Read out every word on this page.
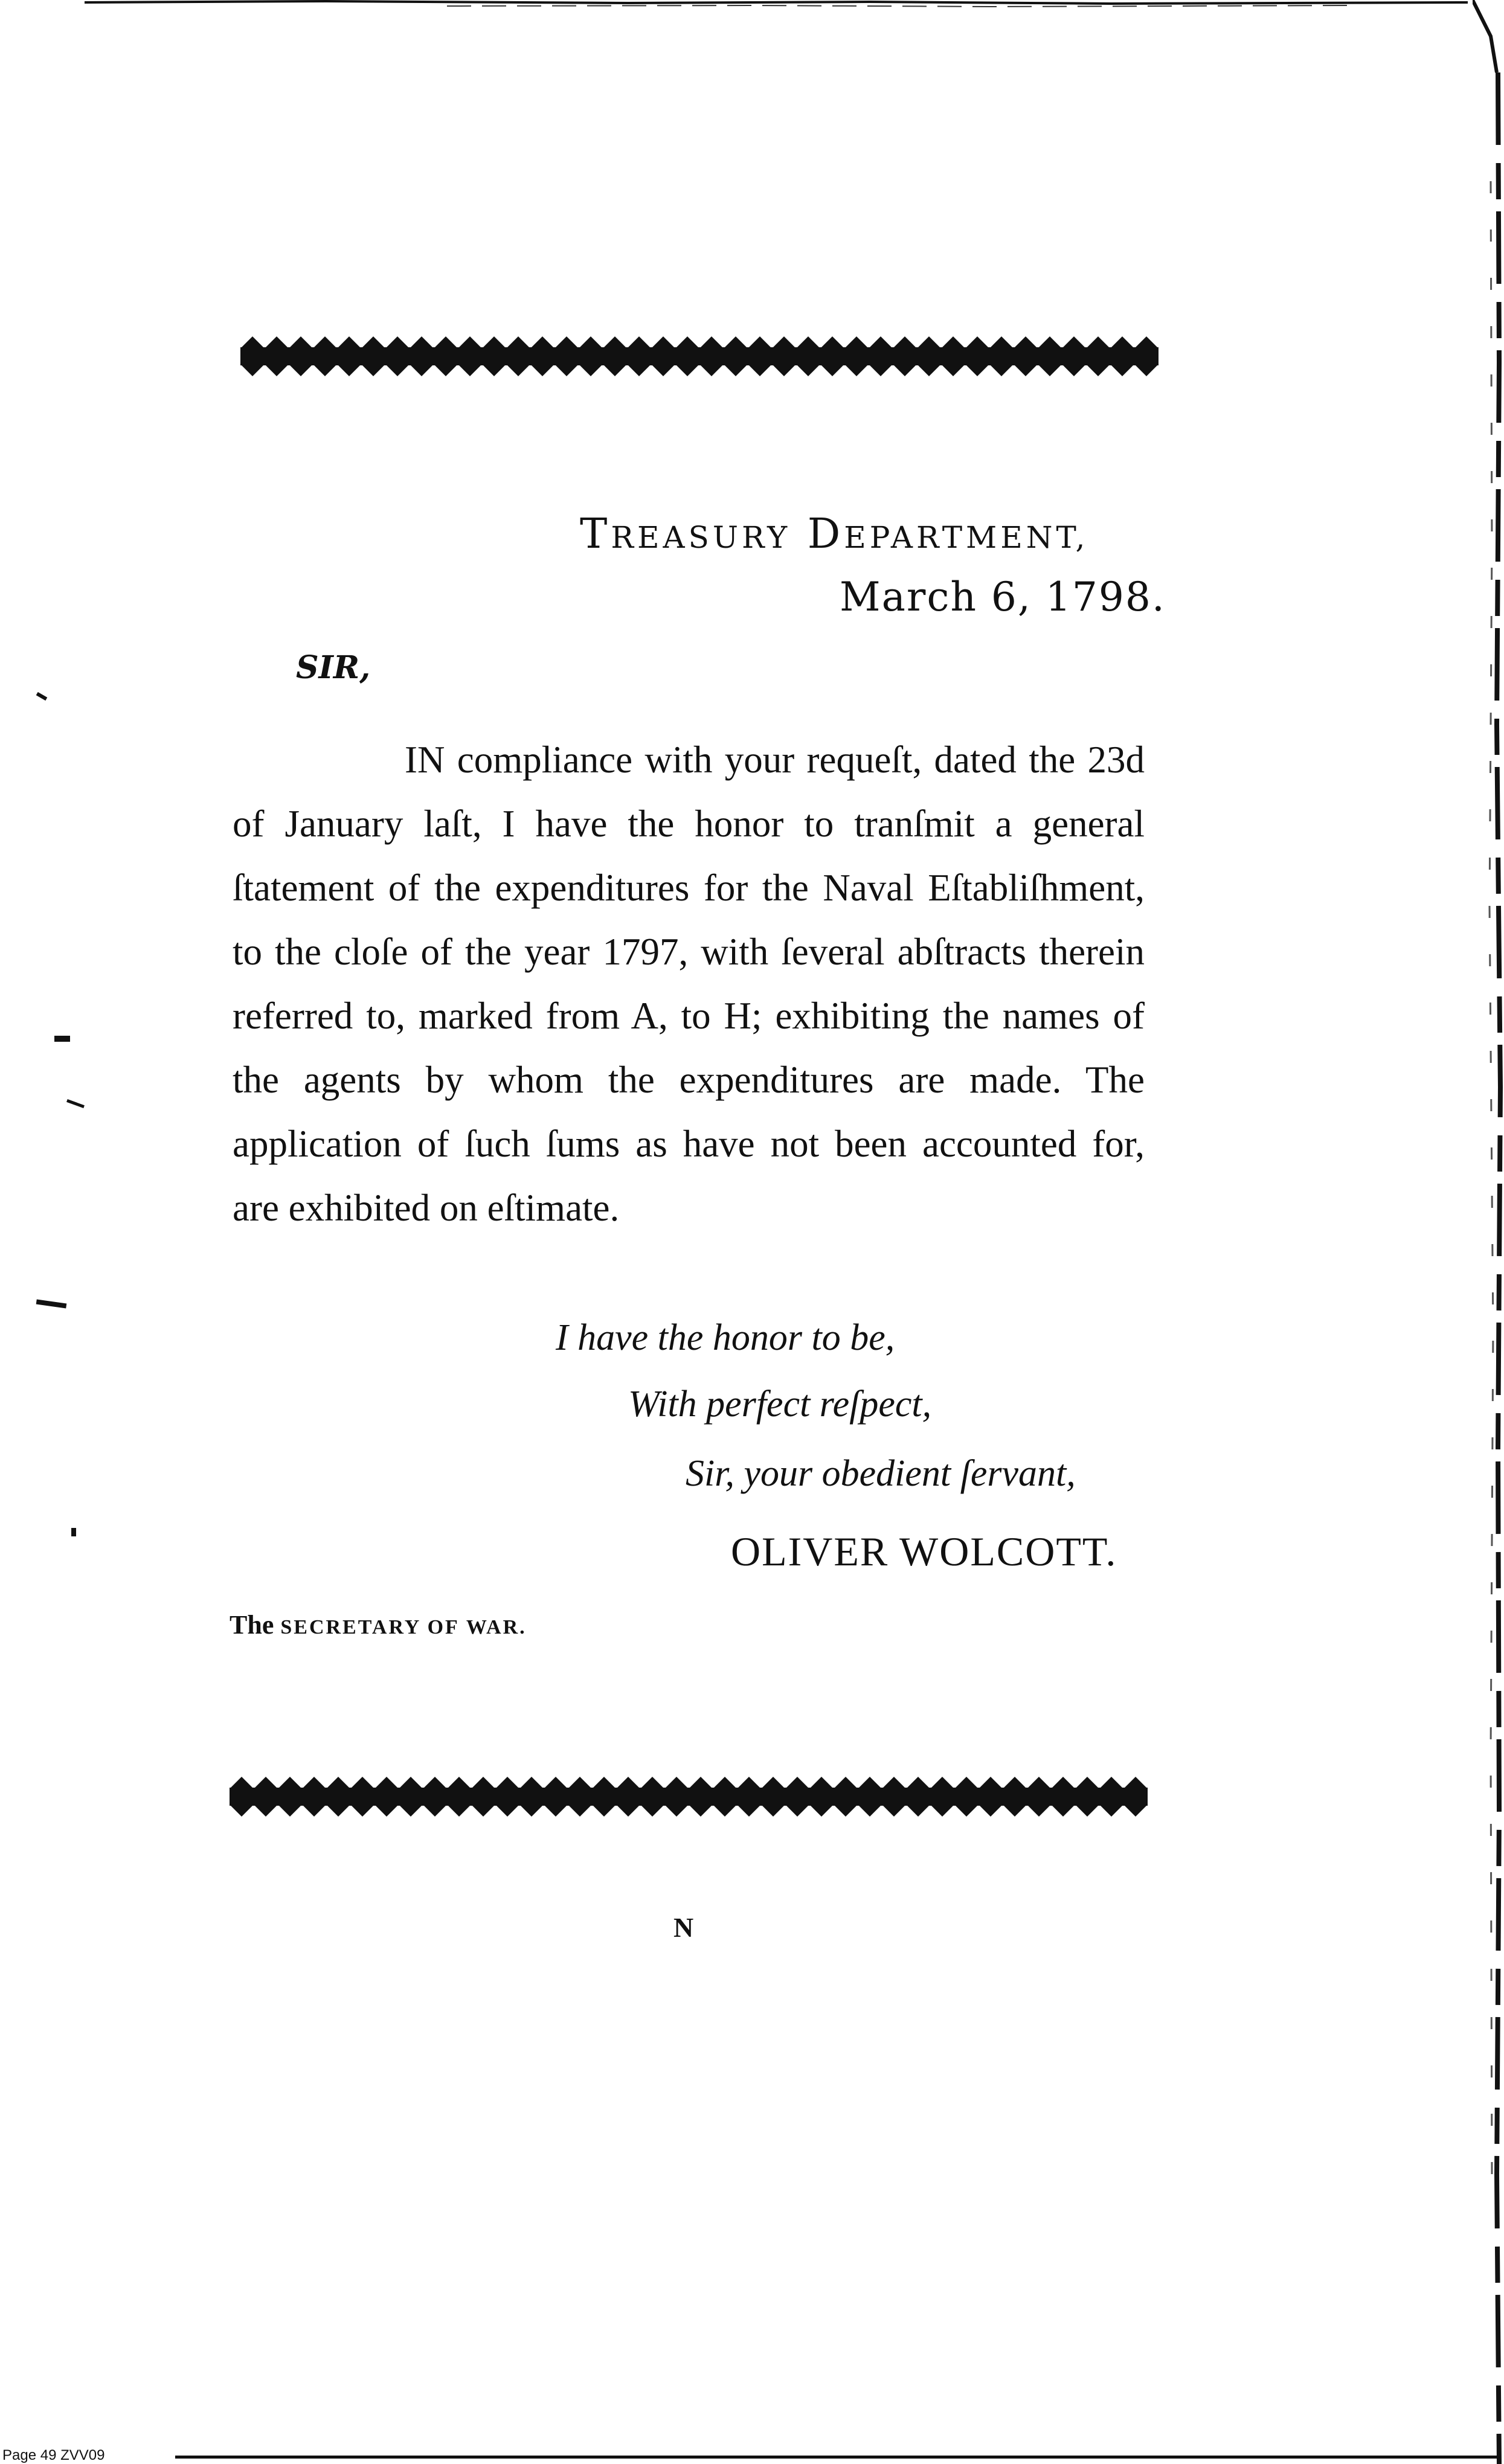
TREASURY DEPARTMENT,
March 6, 1798.
SIR,

IN compliance with your requeſt, dated the 23d of January laſt, I have the honor to tranſmit a general ſtatement of the expenditures for the Naval Eſtabliſhment, to the cloſe of the year 1797, with ſeveral abſtracts therein referred to, marked from A, to H; exhibiting the names of the agents by whom the expenditures are made. The application of ſuch ſums as have not been accounted for, are exhibited on eſtimate.

I have the honor to be,
With perfect reſpect,
Sir, your obedient ſervant,
OLIVER WOLCOTT.
The SECRETARY OF WAR.
N
Page 49 ZVV09
